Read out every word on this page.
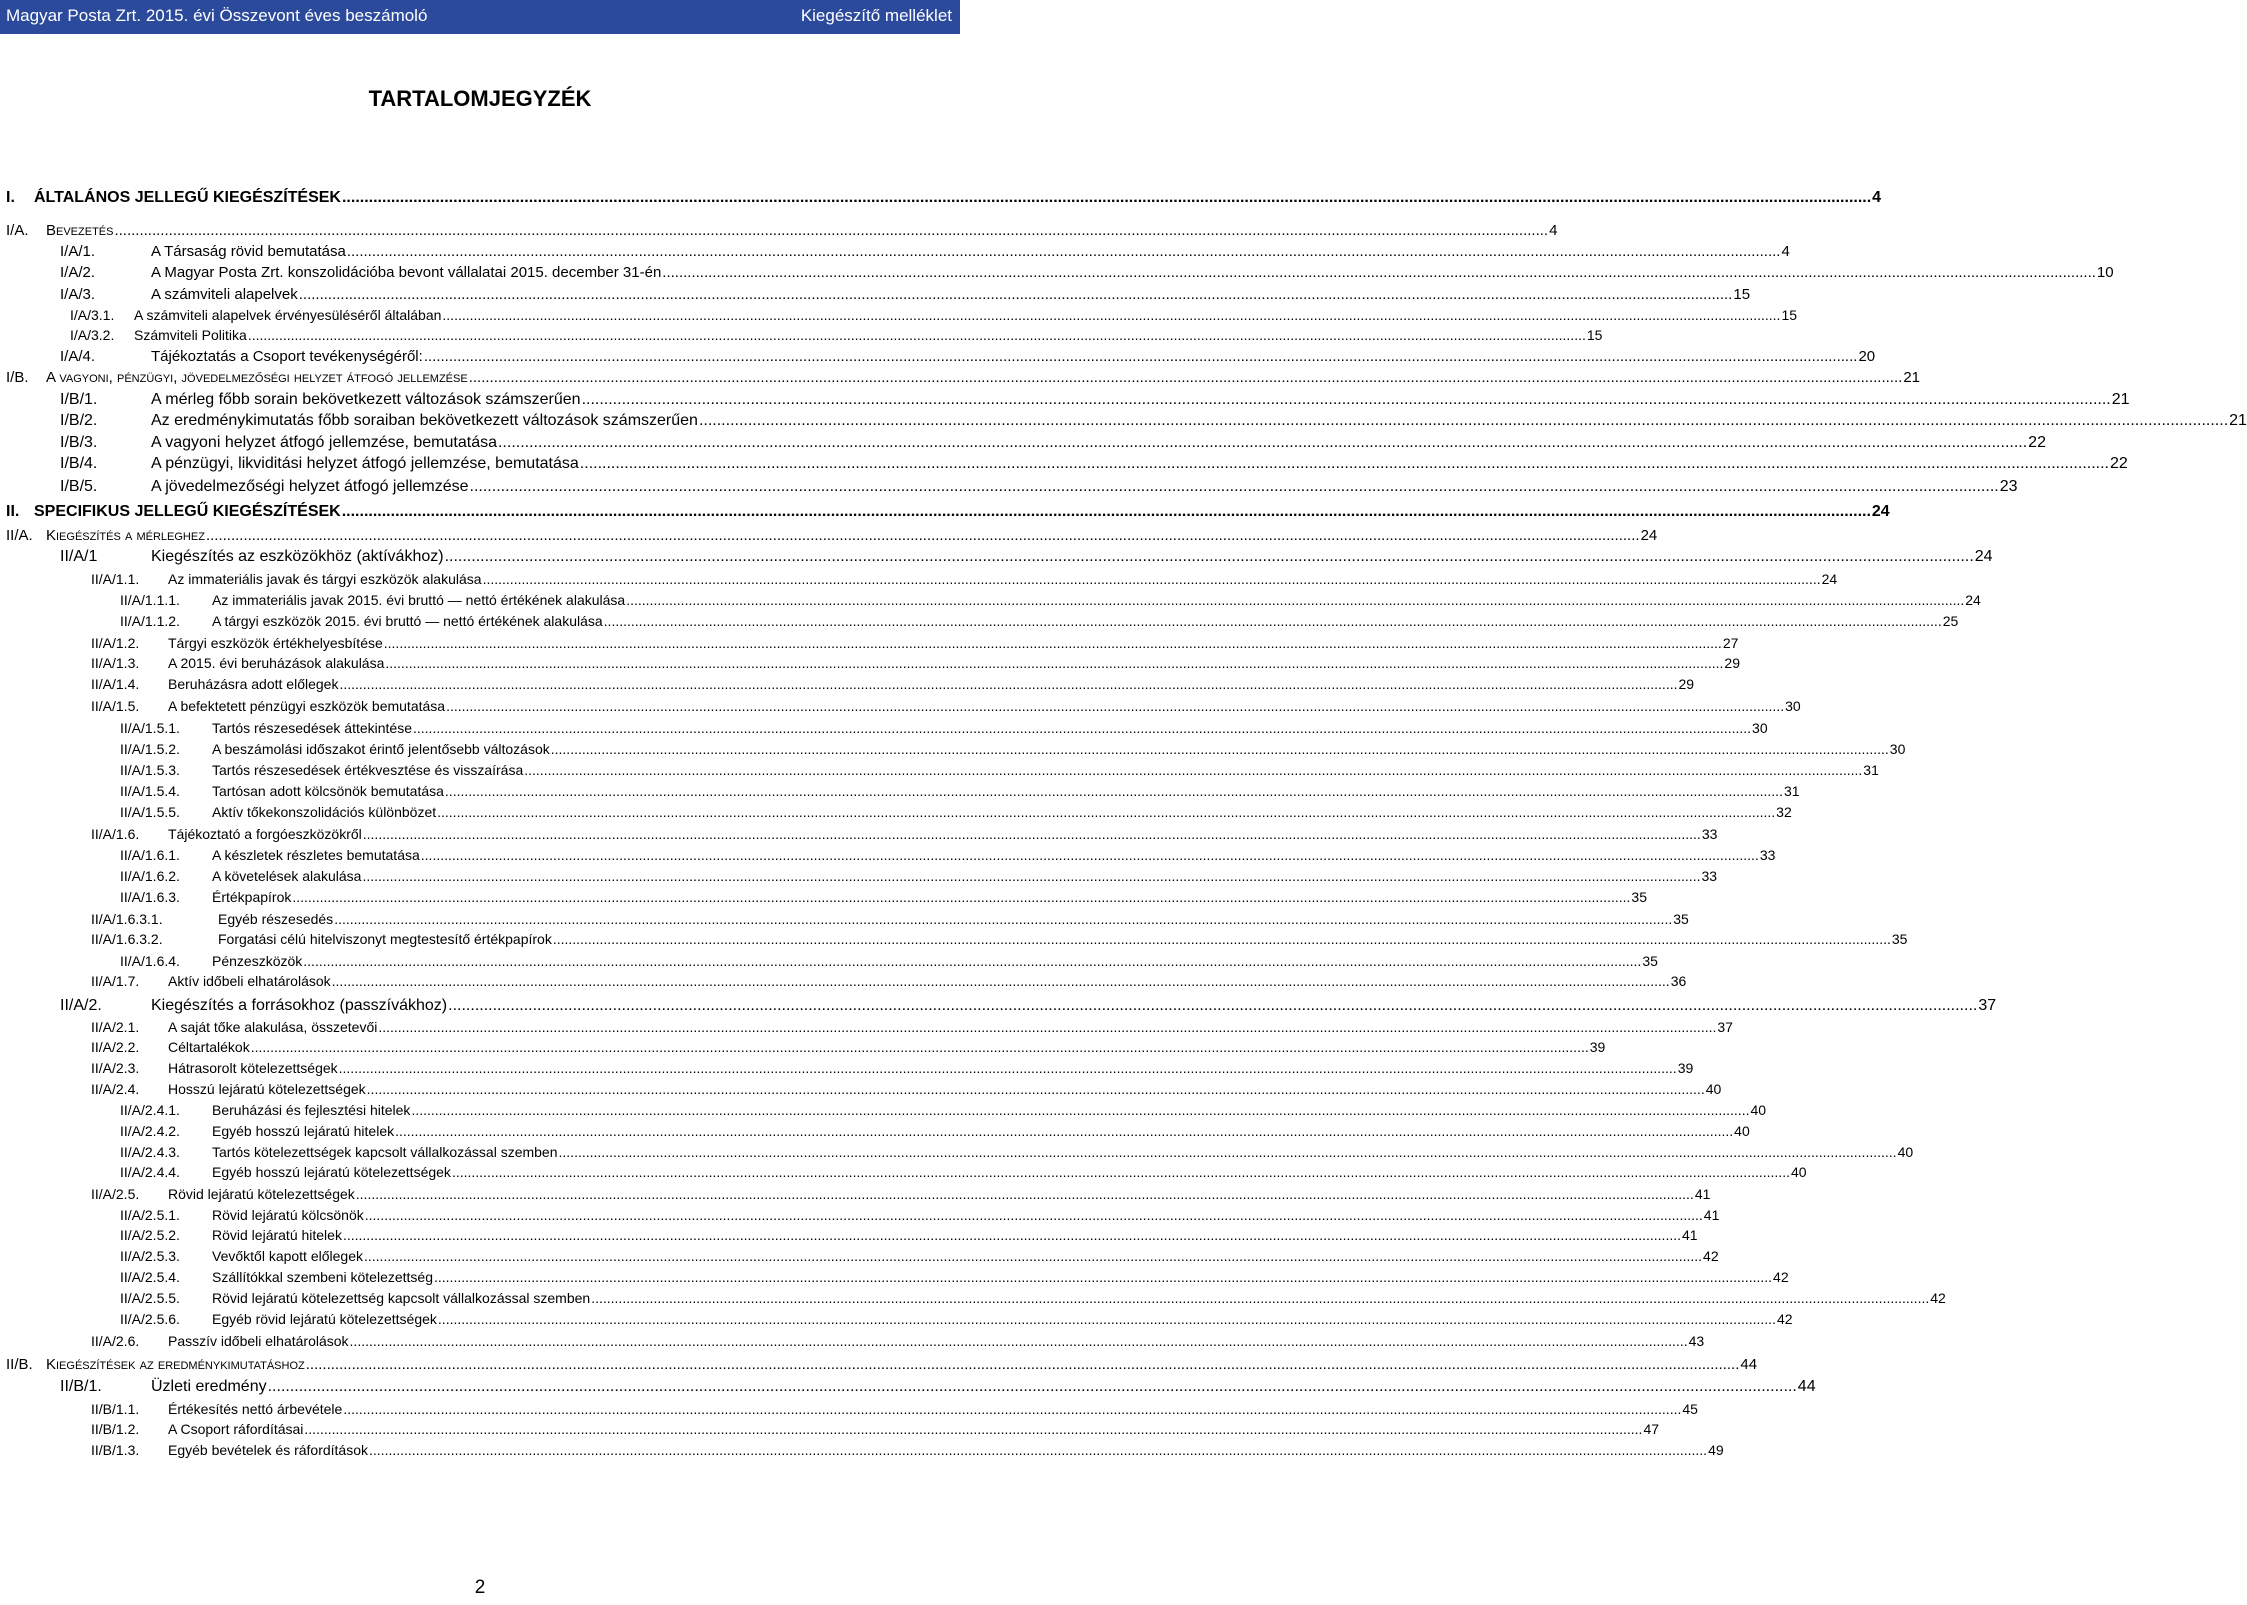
Magyar Posta Zrt. 2015. évi Összevont éves beszámoló	Kiegészítő melléklet
TARTALOMJEGYZÉK
I.	ÁLTALÁNOS JELLEGŰ KIEGÉSZÍTÉSEK .....	4
I/A.	Bevezetés .....	4
I/A/1.	A Társaság rövid bemutatása .....	4
I/A/2.	A Magyar Posta Zrt. konszolidációba bevont vállalatai 2015. december 31-én .....	10
I/A/3.	A számviteli alapelvek .....	15
I/A/3.1.	A számviteli alapelvek érvényesüléséről általában .....	15
I/A/3.2.	Számviteli Politika .....	15
I/A/4.	Tájékoztatás a Csoport tevékenységéről: .....	20
I/B.	A vagyoni, pénzügyi, jövedelmezőségi helyzet átfogó jellemzése .....	21
I/B/1.	A mérleg főbb sorain bekövetkezett változások számszerűen .....	21
I/B/2.	Az eredménykimutatás főbb soraiban bekövetkezett változások számszerűen .....	21
I/B/3.	A vagyoni helyzet átfogó jellemzése, bemutatása .....	22
I/B/4.	A pénzügyi, likviditási helyzet átfogó jellemzése, bemutatása .....	22
I/B/5.	A jövedelmezőségi helyzet átfogó jellemzése .....	23
II. SPECIFIKUS JELLEGŰ KIEGÉSZÍTÉSEK .....	24
II/A. Kiegészítés a mérleghez .....	24
II/A/1	Kiegészítés az eszközökhöz (aktívákhoz) .....	24
II/A/1.1.	Az immateriális javak és tárgyi eszközök alakulása .....	24
II/A/1.1.1.	Az immateriális javak 2015. évi bruttó — nettó értékének alakulása .....	24
II/A/1.1.2.	A tárgyi eszközök 2015. évi bruttó — nettó értékének alakulása .....	25
II/A/1.2.	Tárgyi eszközök értékhelyesbítése .....	27
II/A/1.3.	A 2015. évi beruházások alakulása .....	29
II/A/1.4.	Beruházásra adott előlegek .....	29
II/A/1.5.	A befektetett pénzügyi eszközök bemutatása .....	30
II/A/1.5.1.	Tartós részesedések áttekintése .....	30
II/A/1.5.2.	A beszámolási időszakot érintő jelentősebb változások .....	30
II/A/1.5.3.	Tartós részesedések értékvesztése és visszaírása .....	31
II/A/1.5.4.	Tartósan adott kölcsönök bemutatása .....	31
II/A/1.5.5.	Aktív tőkekonszolidációs különbözet .....	32
II/A/1.6.	Tájékoztató a forgóeszközökről .....	33
II/A/1.6.1.	A készletek részletes bemutatása .....	33
II/A/1.6.2.	A követelések alakulása .....	33
II/A/1.6.3.	Értékpapírok .....	35
II/A/1.6.3.1.	Egyéb részesedés .....	35
II/A/1.6.3.2.	Forgatási célú hitelviszonyt megtestesítő értékpapírok .....	35
II/A/1.6.4.	Pénzeszközök .....	35
II/A/1.7.	Aktív időbeli elhatárolások .....	36
II/A/2.	Kiegészítés a forrásokhoz (passzívákhoz) .....	37
II/A/2.1.	A saját tőke alakulása, összetevői .....	37
II/A/2.2.	Céltartalékok .....	39
II/A/2.3.	Hátrasorolt kötelezettségek .....	39
II/A/2.4.	Hosszú lejáratú kötelezettségek .....	40
II/A/2.4.1.	Beruházási és fejlesztési hitelek .....	40
II/A/2.4.2.	Egyéb hosszú lejáratú hitelek .....	40
II/A/2.4.3.	Tartós kötelezettségek kapcsolt vállalkozással szemben .....	40
II/A/2.4.4.	Egyéb hosszú lejáratú kötelezettségek .....	40
II/A/2.5.	Rövid lejáratú kötelezettségek .....	41
II/A/2.5.1.	Rövid lejáratú kölcsönök .....	41
II/A/2.5.2.	Rövid lejáratú hitelek .....	41
II/A/2.5.3.	Vevőktől kapott előlegek .....	42
II/A/2.5.4.	Szállítókkal szembeni kötelezettség .....	42
II/A/2.5.5.	Rövid lejáratú kötelezettség kapcsolt vállalkozással szemben .....	42
II/A/2.5.6.	Egyéb rövid lejáratú kötelezettségek .....	42
II/A/2.6.	Passzív időbeli elhatárolások .....	43
II/B. Kiegészítések az eredménykimutatáshoz .....	44
II/B/1.	Üzleti eredmény .....	44
II/B/1.1.	Értékesítés nettó árbevétele .....	45
II/B/1.2.	A Csoport ráfordításai .....	47
II/B/1.3.	Egyéb bevételek és ráfordítások .....	49
2
